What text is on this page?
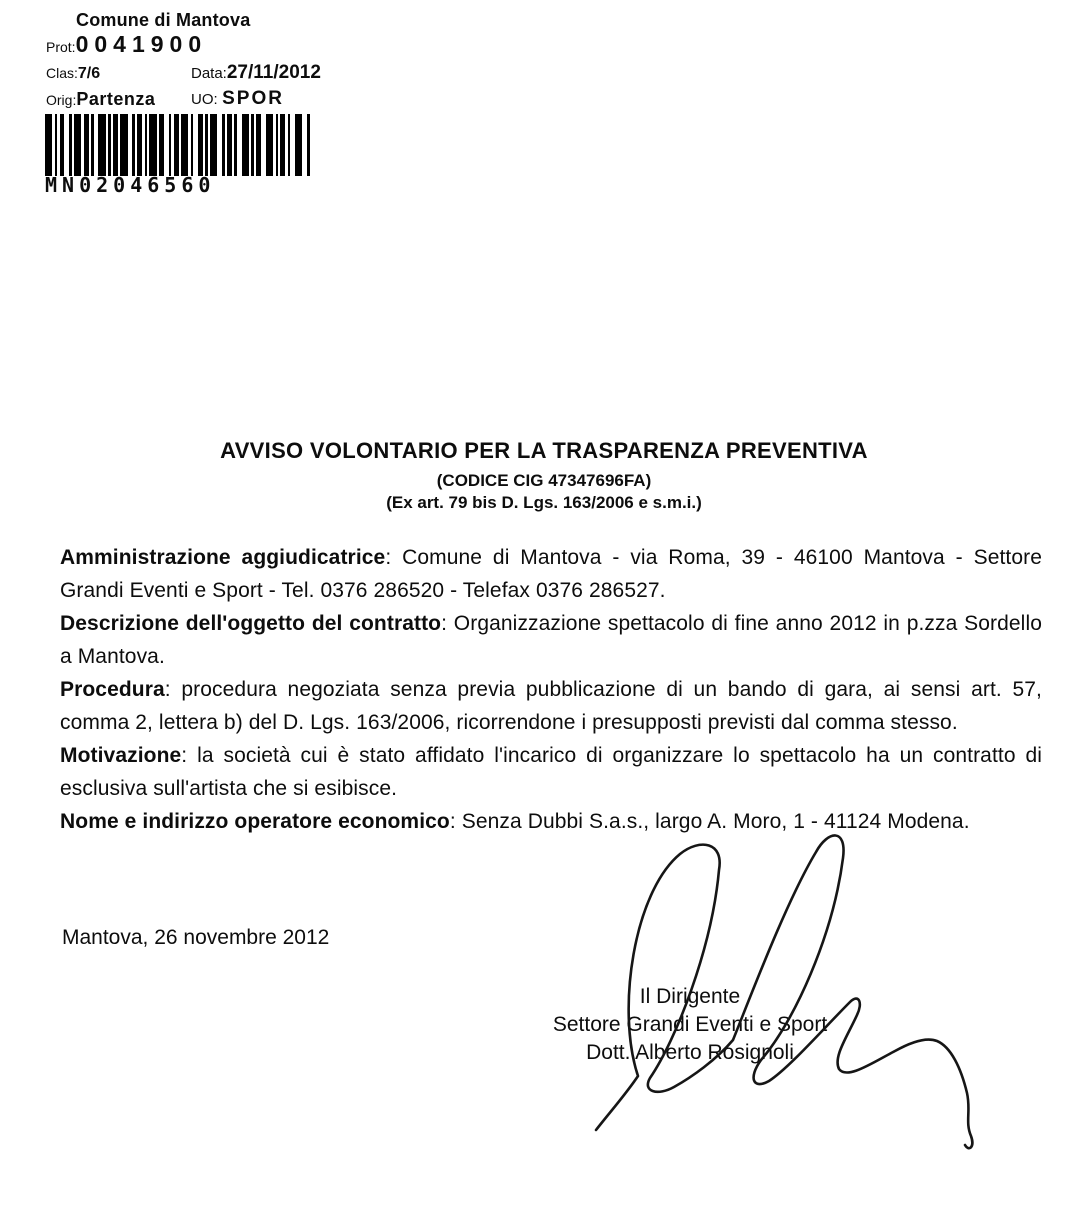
Comune di Mantova
Prot:0041900
Clas:7/6	Data:27/11/2012
Orig:Partenza UO: SPOR
MN02046560
AVVISO VOLONTARIO PER LA TRASPARENZA PREVENTIVA
(CODICE CIG 47347696FA)
(Ex art. 79 bis D. Lgs. 163/2006 e s.m.i.)

Amministrazione aggiudicatrice: Comune di Mantova - via Roma, 39 - 46100 Mantova - Settore Grandi Eventi e Sport - Tel. 0376 286520 - Telefax 0376 286527.

Descrizione dell'oggetto del contratto: Organizzazione spettacolo di fine anno 2012 in p.zza Sordello a Mantova.

Procedura: procedura negoziata senza previa pubblicazione di un bando di gara, ai sensi art. 57, comma 2, lettera b) del D. Lgs. 163/2006, ricorrendone i presupposti previsti dal comma stesso.

Motivazione: la società cui è stato affidato l'incarico di organizzare lo spettacolo ha un contratto di esclusiva sull'artista che si esibisce.

Nome e indirizzo operatore economico: Senza Dubbi S.a.s., largo A. Moro, 1 - 41124 Modena.

Mantova, 26 novembre 2012
Il Dirigente
Settore Grandi Eventi e Sport
Dott. Alberto Rosignoli
